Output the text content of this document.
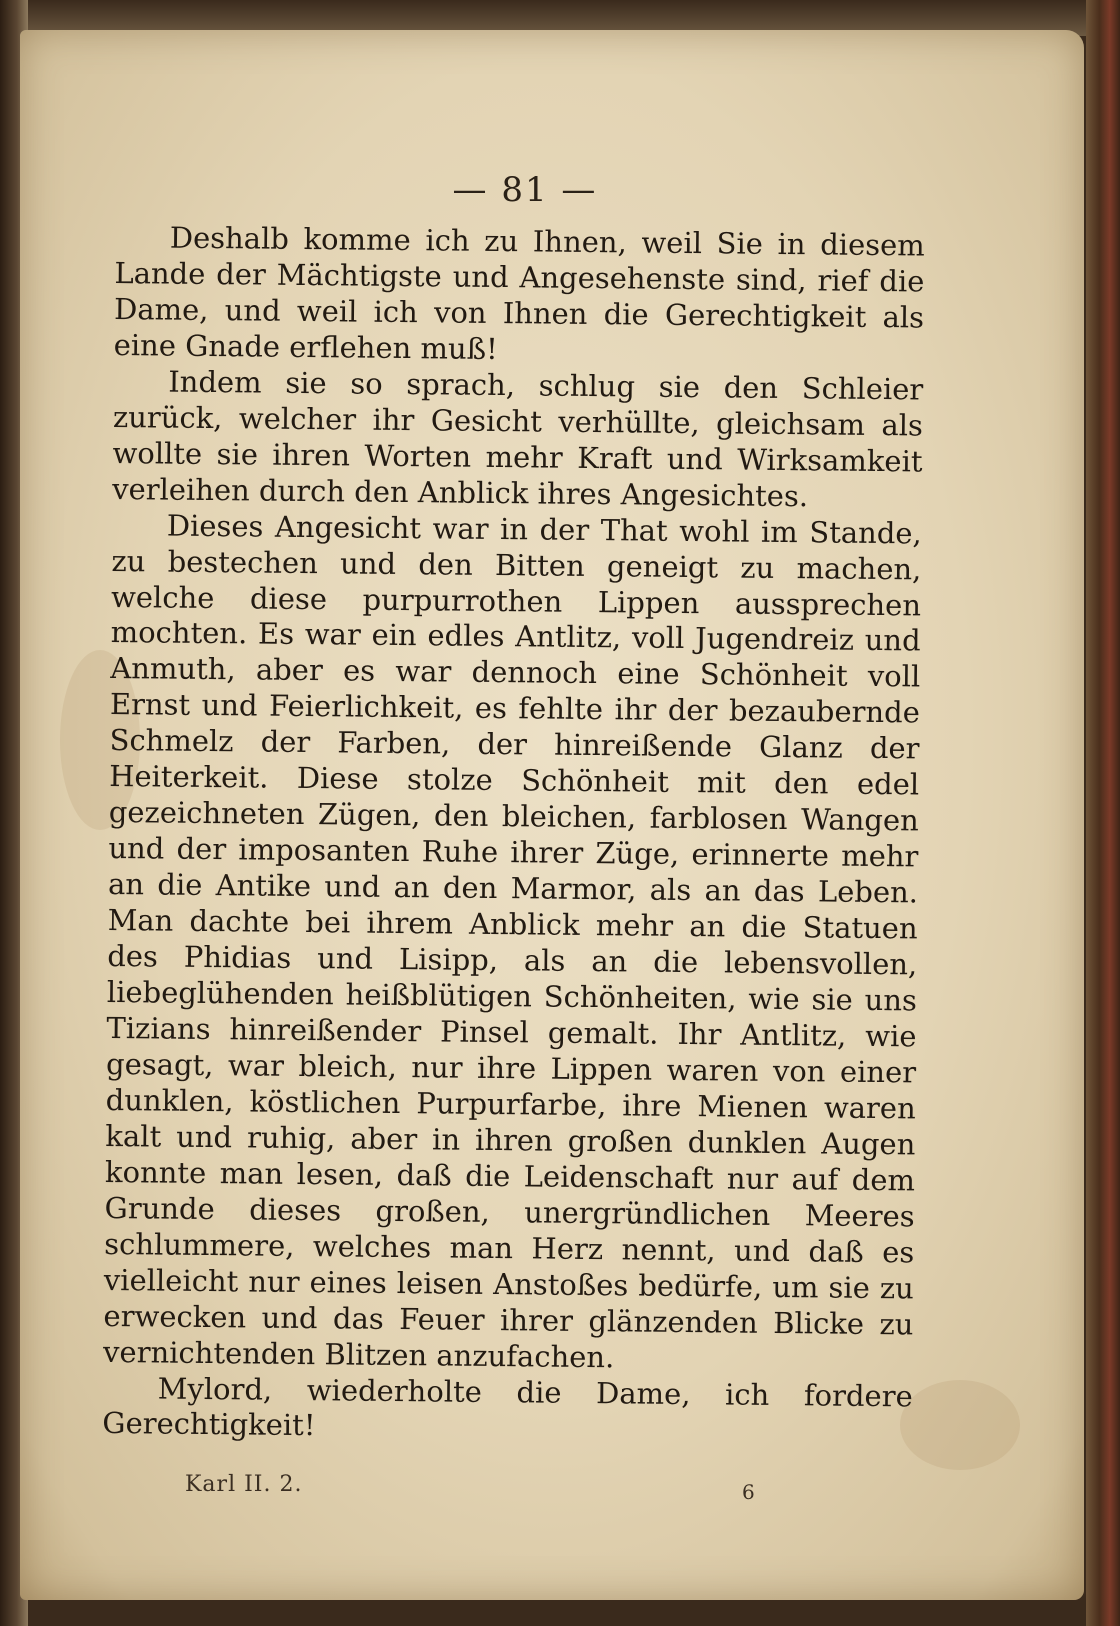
— 81 —

Deshalb komme ich zu Ihnen, weil Sie in diesem Lande der Mächtigste und Angesehenste sind, rief die Dame, und weil ich von Ihnen die Gerechtigkeit als eine Gnade erflehen muß!

Indem sie so sprach, schlug sie den Schleier zurück, welcher ihr Gesicht verhüllte, gleichsam als wollte sie ihren Worten mehr Kraft und Wirksamkeit verleihen durch den Anblick ihres Angesichtes.

Dieses Angesicht war in der That wohl im Stande, zu bestechen und den Bitten geneigt zu machen, welche diese purpurrothen Lippen aussprechen mochten. Es war ein edles Antlitz, voll Jugendreiz und Anmuth, aber es war dennoch eine Schönheit voll Ernst und Feierlichkeit, es fehlte ihr der bezaubernde Schmelz der Farben, der hinreißende Glanz der Heiterkeit. Diese stolze Schönheit mit den edel gezeichneten Zügen, den bleichen, farblosen Wangen und der imposanten Ruhe ihrer Züge, erinnerte mehr an die Antike und an den Marmor, als an das Leben. Man dachte bei ihrem Anblick mehr an die Statuen des Phidias und Lisipp, als an die lebensvollen, liebeglühenden heißblütigen Schönheiten, wie sie uns Tizians hinreißender Pinsel gemalt. Ihr Antlitz, wie gesagt, war bleich, nur ihre Lippen waren von einer dunklen, köstlichen Purpurfarbe, ihre Mienen waren kalt und ruhig, aber in ihren großen dunklen Augen konnte man lesen, daß die Leidenschaft nur auf dem Grunde dieses großen, unergründlichen Meeres schlummere, welches man Herz nennt, und daß es vielleicht nur eines leisen Anstoßes bedürfe, um sie zu erwecken und das Feuer ihrer glänzenden Blicke zu vernichtenden Blitzen anzufachen.

Mylord, wiederholte die Dame, ich fordere Gerechtigkeit!

Karl II. 2.	6
